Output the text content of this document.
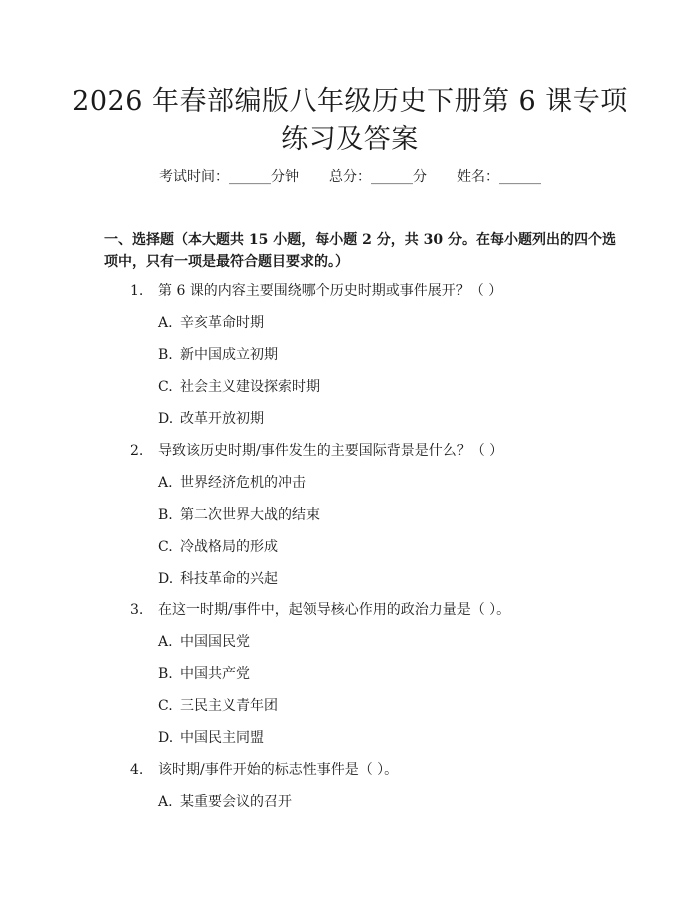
2026 年春部编版八年级历史下册第 6 课专项
练习及答案
考试时间：______分钟 总分：______分 姓名：______
一、选择题（本大题共 15 小题，每小题 2 分，共 30 分。在每小题列出的四个选
项中，只有一项是最符合题目要求的。）
1. 第 6 课的内容主要围绕哪个历史时期或事件展开？（ ）
A. 辛亥革命时期
B. 新中国成立初期
C. 社会主义建设探索时期
D. 改革开放初期
2. 导致该历史时期/事件发生的主要国际背景是什么？（ ）
A. 世界经济危机的冲击
B. 第二次世界大战的结束
C. 冷战格局的形成
D. 科技革命的兴起
3. 在这一时期/事件中，起领导核心作用的政治力量是（ ）。
A. 中国国民党
B. 中国共产党
C. 三民主义青年团
D. 中国民主同盟
4. 该时期/事件开始的标志性事件是（ ）。
A. 某重要会议的召开
